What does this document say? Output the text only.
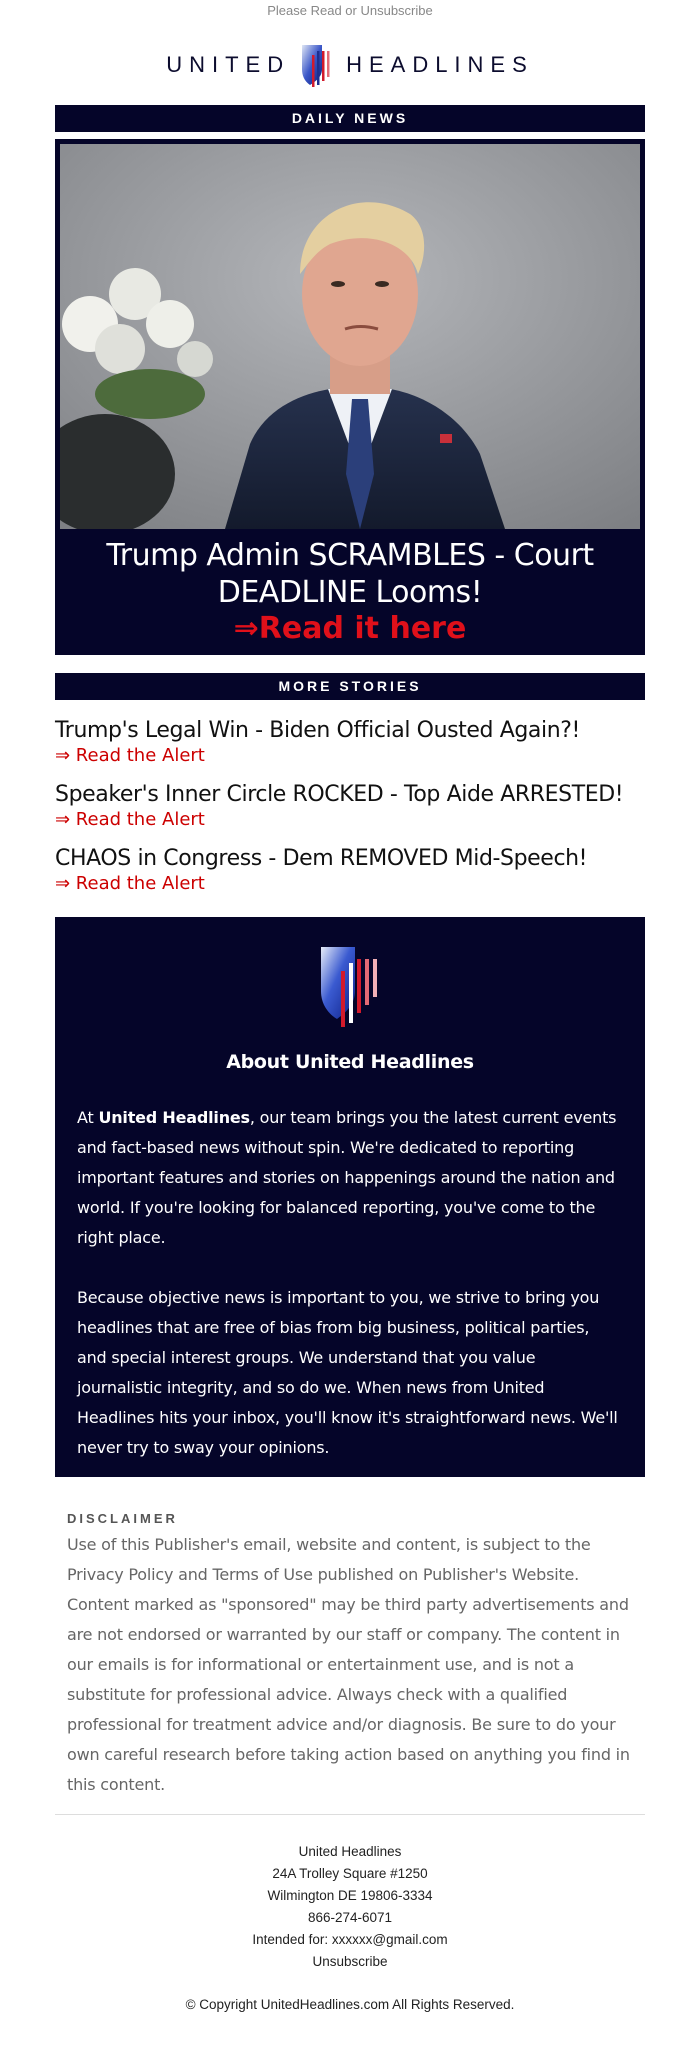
Please Read or Unsubscribe
UNITED	HEADLINES
DAILY NEWS
Trump Admin SCRAMBLES - Court DEADLINE Looms!
⇒Read it here
MORE STORIES
Trump's Legal Win - Biden Official Ousted Again?!
⇒ Read the Alert
Speaker's Inner Circle ROCKED - Top Aide ARRESTED!
⇒ Read the Alert
CHAOS in Congress - Dem REMOVED Mid-Speech!
⇒ Read the Alert
About United Headlines

At United Headlines, our team brings you the latest current events and fact-based news without spin. We're dedicated to reporting important features and stories on happenings around the nation and world. If you're looking for balanced reporting, you've come to the right place.

Because objective news is important to you, we strive to bring you headlines that are free of bias from big business, political parties, and special interest groups. We understand that you value journalistic integrity, and so do we. When news from United Headlines hits your inbox, you'll know it's straightforward news. We'll never try to sway your opinions.

DISCLAIMER
Use of this Publisher's email, website and content, is subject to the Privacy Policy and Terms of Use published on Publisher's Website. Content marked as "sponsored" may be third party advertisements and are not endorsed or warranted by our staff or company. The content in our emails is for informational or entertainment use, and is not a substitute for professional advice. Always check with a qualified professional for treatment advice and/or diagnosis. Be sure to do your own careful research before taking action based on anything you find in this content.
United Headlines
24A Trolley Square #1250
Wilmington DE 19806-3334
866-274-6071
Intended for: xxxxxx@gmail.com
Unsubscribe
© Copyright UnitedHeadlines.com All Rights Reserved.
